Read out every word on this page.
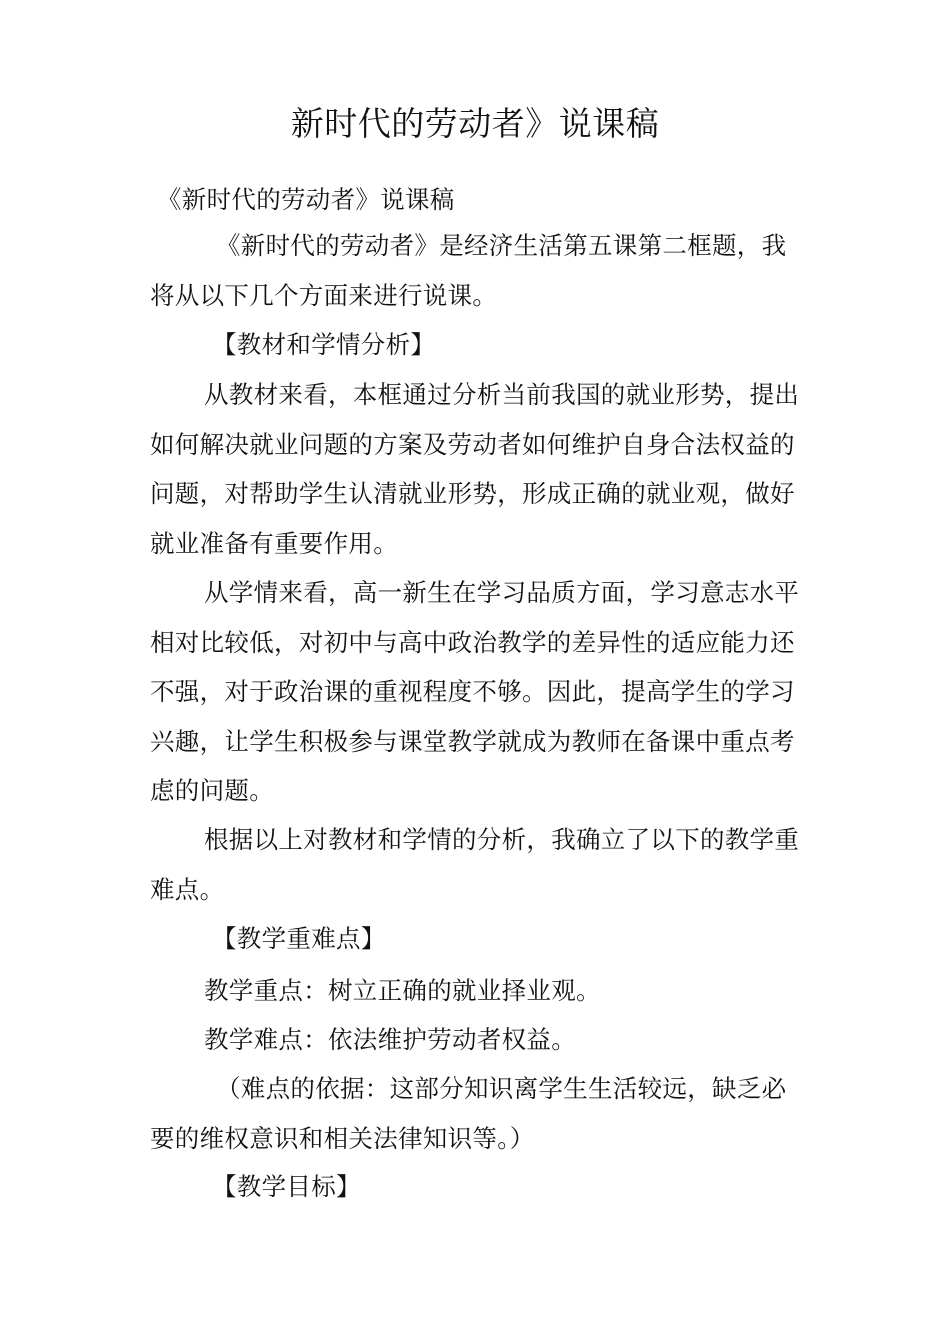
新时代的劳动者》说课稿

《新时代的劳动者》说课稿

《新时代的劳动者》是经济生活第五课第二框题，我将从以下几个方面来进行说课。

【教材和学情分析】

从教材来看，本框通过分析当前我国的就业形势，提出如何解决就业问题的方案及劳动者如何维护自身合法权益的问题，对帮助学生认清就业形势，形成正确的就业观，做好就业准备有重要作用。

从学情来看，高一新生在学习品质方面，学习意志水平相对比较低，对初中与高中政治教学的差异性的适应能力还不强，对于政治课的重视程度不够。因此，提高学生的学习兴趣，让学生积极参与课堂教学就成为教师在备课中重点考虑的问题。

根据以上对教材和学情的分析，我确立了以下的教学重难点。

【教学重难点】

教学重点：树立正确的就业择业观。

教学难点：依法维护劳动者权益。

（难点的依据：这部分知识离学生生活较远，缺乏必要的维权意识和相关法律知识等。）

【教学目标】
